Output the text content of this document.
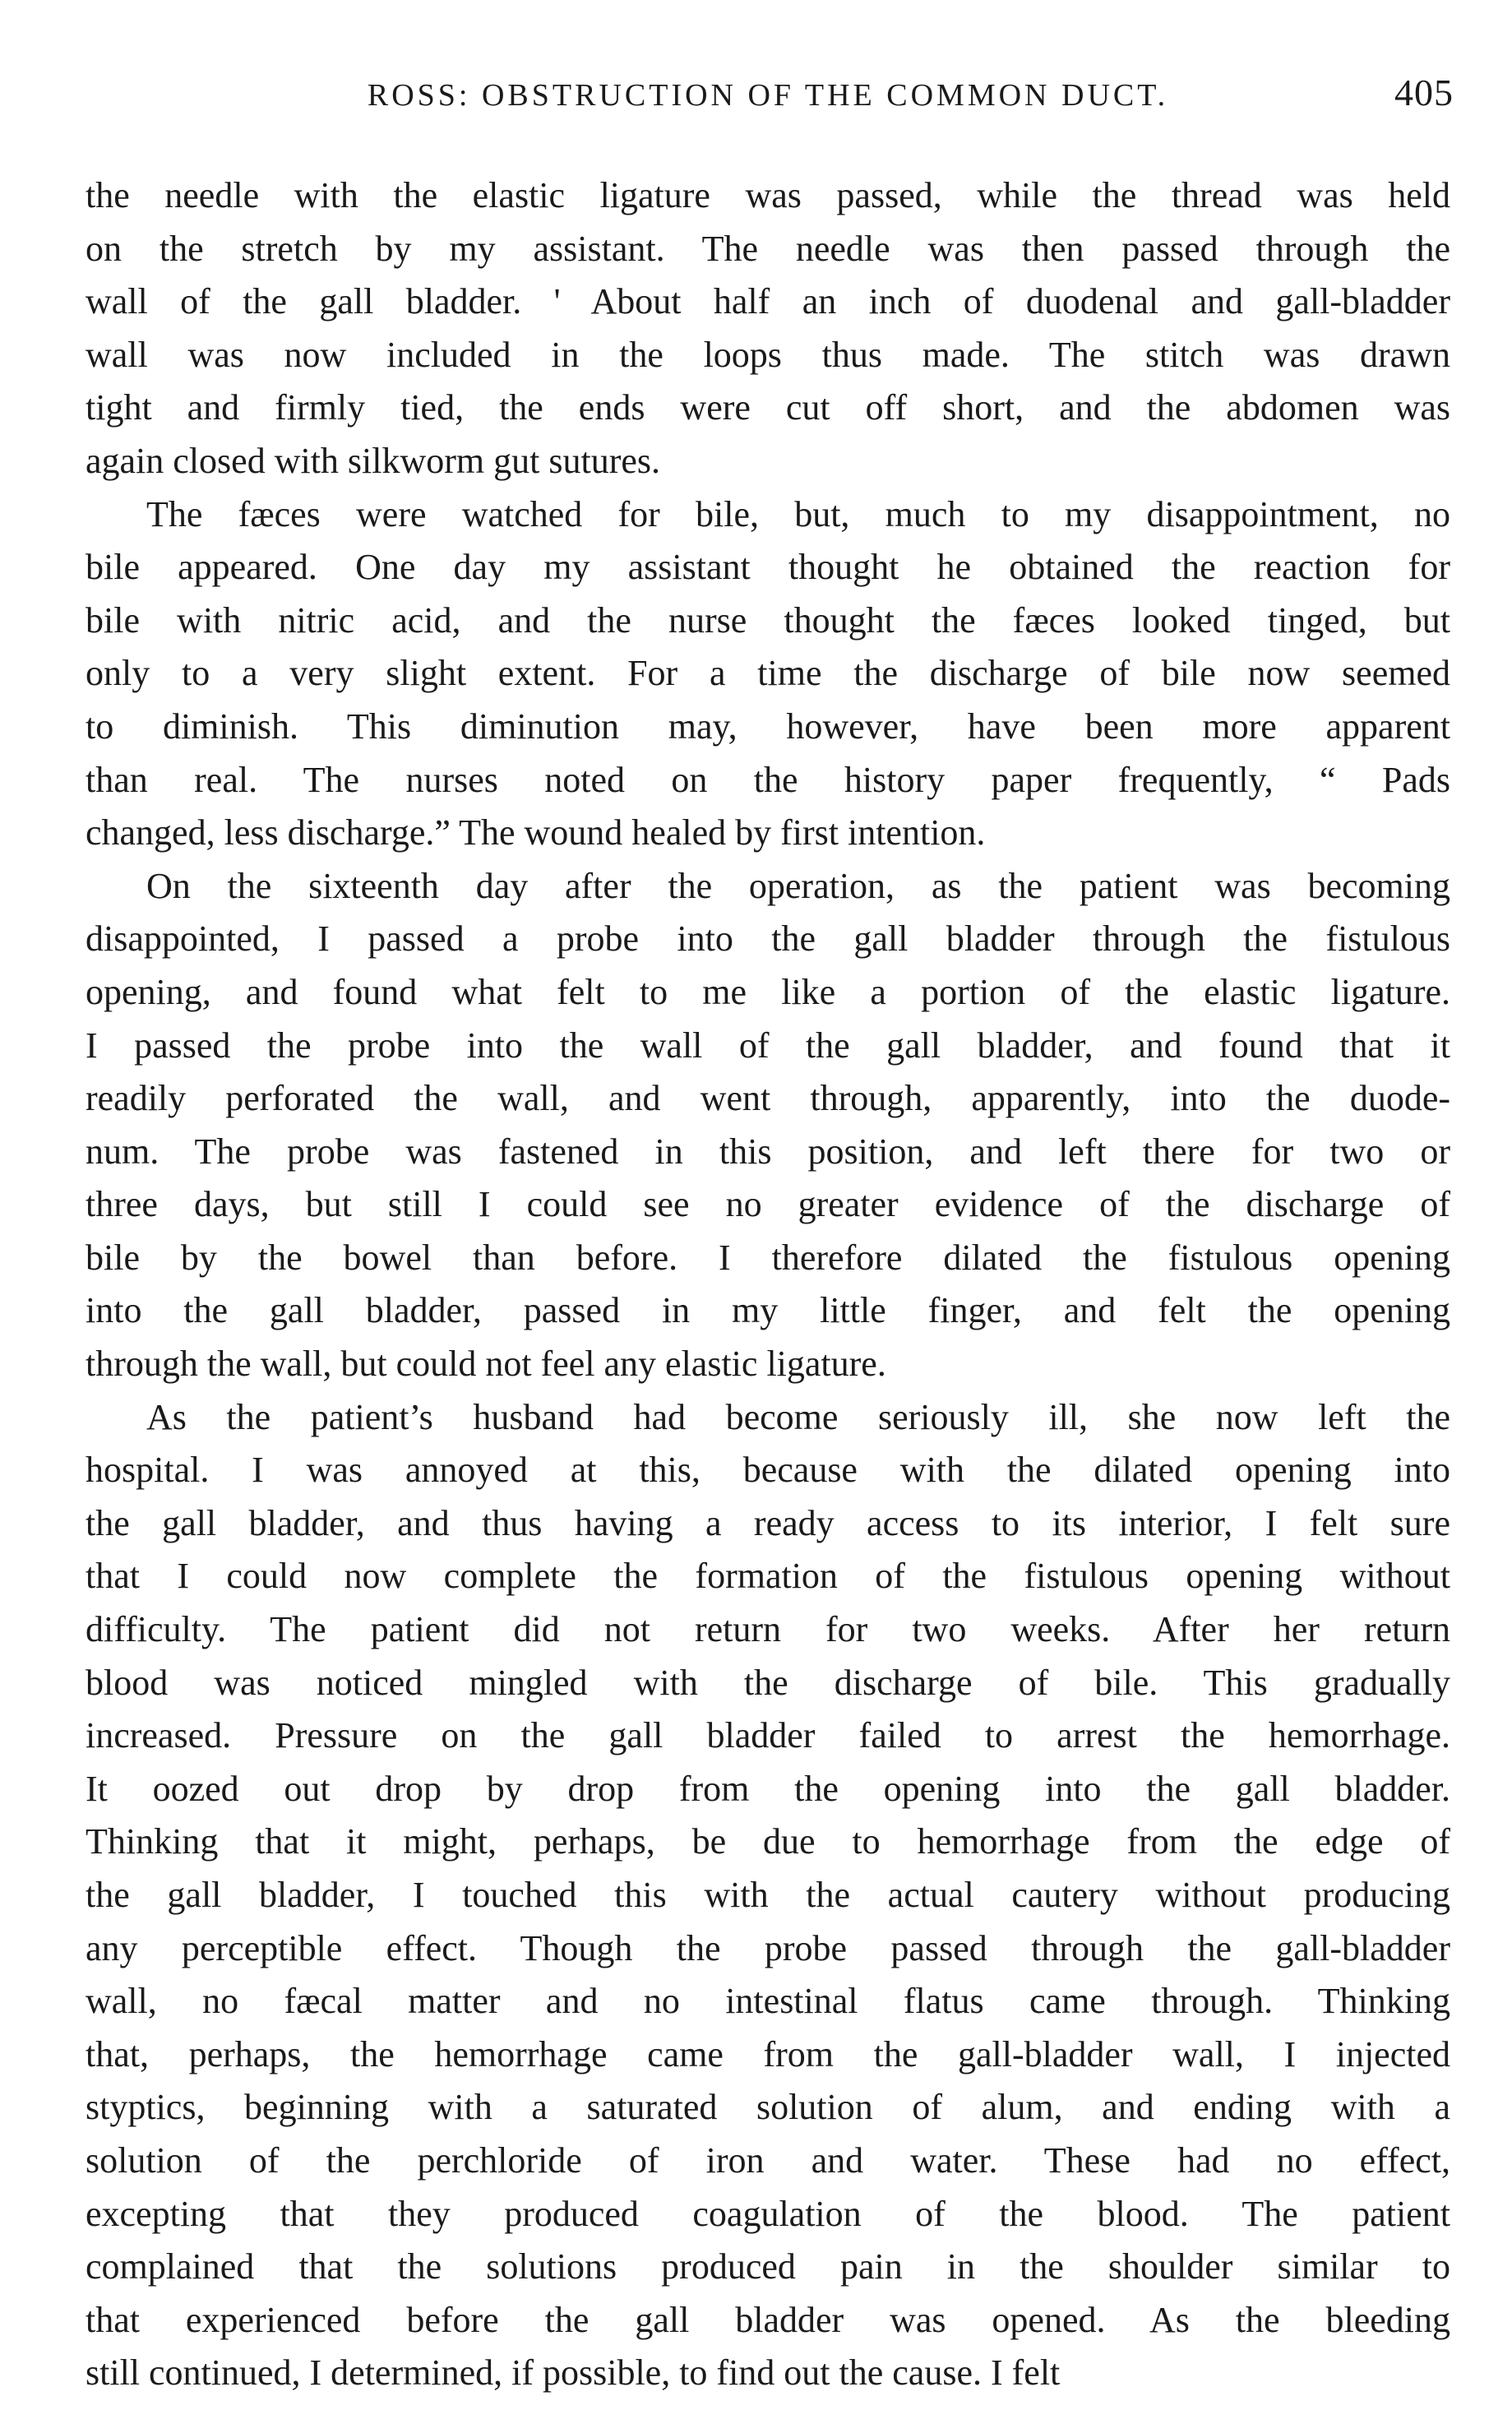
ROSS: OBSTRUCTION OF THE COMMON DUCT.	405
the needle with the elastic ligature was passed, while the thread was held
on the stretch by my assistant. The needle was then passed through the
wall of the gall bladder. ' About half an inch of duodenal and gall-bladder
wall was now included in the loops thus made. The stitch was drawn
tight and firmly tied, the ends were cut off short, and the abdomen was
again closed with silkworm gut sutures.
The fæces were watched for bile, but, much to my disappointment, no
bile appeared. One day my assistant thought he obtained the reaction for
bile with nitric acid, and the nurse thought the fæces looked tinged, but
only to a very slight extent. For a time the discharge of bile now seemed
to diminish. This diminution may, however, have been more apparent
than real. The nurses noted on the history paper frequently, “ Pads
changed, less discharge.” The wound healed by first intention.
On the sixteenth day after the operation, as the patient was becoming
disappointed, I passed a probe into the gall bladder through the fistulous
opening, and found what felt to me like a portion of the elastic ligature.
I passed the probe into the wall of the gall bladder, and found that it
readily perforated the wall, and went through, apparently, into the duode-
num. The probe was fastened in this position, and left there for two or
three days, but still I could see no greater evidence of the discharge of
bile by the bowel than before. I therefore dilated the fistulous opening
into the gall bladder, passed in my little finger, and felt the opening
through the wall, but could not feel any elastic ligature.
As the patient’s husband had become seriously ill, she now left the
hospital. I was annoyed at this, because with the dilated opening into
the gall bladder, and thus having a ready access to its interior, I felt sure
that I could now complete the formation of the fistulous opening without
difficulty. The patient did not return for two weeks. After her return
blood was noticed mingled with the discharge of bile. This gradually
increased. Pressure on the gall bladder failed to arrest the hemorrhage.
It oozed out drop by drop from the opening into the gall bladder.
Thinking that it might, perhaps, be due to hemorrhage from the edge of
the gall bladder, I touched this with the actual cautery without producing
any perceptible effect. Though the probe passed through the gall-bladder
wall, no fæcal matter and no intestinal flatus came through. Thinking
that, perhaps, the hemorrhage came from the gall-bladder wall, I injected
styptics, beginning with a saturated solution of alum, and ending with a
solution of the perchloride of iron and water. These had no effect,
excepting that they produced coagulation of the blood. The patient
complained that the solutions produced pain in the shoulder similar to
that experienced before the gall bladder was opened. As the bleeding
still continued, I determined, if possible, to find out the cause. I felt
